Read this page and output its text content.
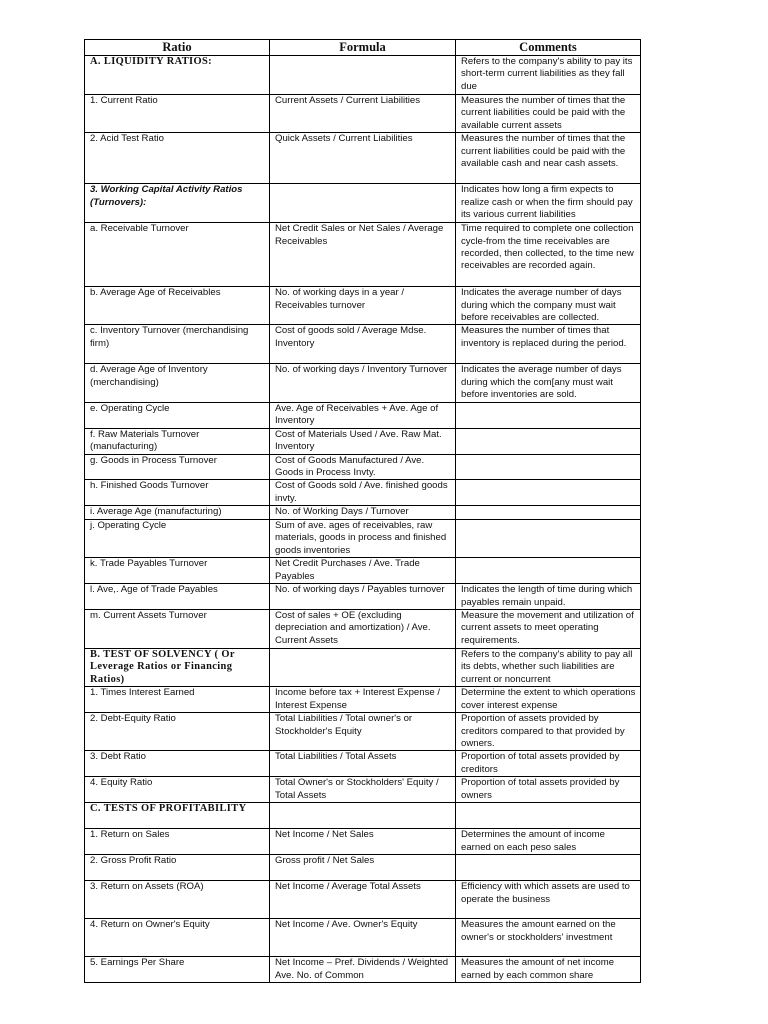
Ratio	Formula	Comments
A. LIQUIDITY RATIOS:		Refers to the company's ability to pay its short-term current liabilities as they fall due
1. Current Ratio	Current Assets / Current Liabilities	Measures the number of times that the current liabilities could be paid with the available current assets
2. Acid Test Ratio	Quick Assets / Current Liabilities	Measures the number of times that the current liabilities could be paid with the available cash and near cash assets.
3. Working Capital Activity Ratios (Turnovers):		Indicates how long a firm expects to realize cash or when the firm should pay its various current liabilities
a. Receivable Turnover	Net Credit Sales or Net Sales / Average Receivables	Time required to complete one collection cycle-from the time receivables are recorded, then collected, to the time new receivables are recorded again.
b. Average Age of Receivables	No. of working days in a year / Receivables turnover	Indicates the average number of days during which the company must wait before receivables are collected.
c. Inventory Turnover (merchandising firm)	Cost of goods sold / Average Mdse. Inventory	Measures the number of times that inventory is replaced during the period.
d. Average Age of Inventory (merchandising)	No. of working days / Inventory Turnover	Indicates the average number of days during which the com[any must wait before inventories are sold.
e. Operating Cycle	Ave. Age of Receivables + Ave. Age of Inventory	
f. Raw Materials Turnover (manufacturing)	Cost of Materials Used / Ave. Raw Mat. Inventory	
g. Goods in Process Turnover	Cost of Goods Manufactured / Ave. Goods in Process Invty.	
h. Finished Goods Turnover	Cost of Goods sold / Ave. finished goods invty.	
i. Average Age (manufacturing)	No. of Working Days / Turnover	
j. Operating Cycle	Sum of ave. ages of receivables, raw materials, goods in process and finished goods inventories	
k. Trade Payables Turnover	Net Credit Purchases / Ave. Trade Payables	
l. Ave,. Age of Trade Payables	No. of working days / Payables turnover	Indicates the length of time during which payables remain unpaid.
m. Current Assets Turnover	Cost of sales + OE (excluding depreciation and amortization) / Ave. Current Assets	Measure the movement and utilization of current assets to meet operating requirements.
B. TEST OF SOLVENCY ( Or Leverage Ratios or Financing Ratios)		Refers to the company's ability to pay all its debts, whether such liabilities are current or noncurrent
1. Times Interest Earned	Income before tax + Interest Expense / Interest Expense	Determine the extent to which operations cover interest expense
2. Debt-Equity Ratio	Total Liabilities / Total owner's or Stockholder's Equity	Proportion of assets provided by creditors compared to that provided by owners.
3. Debt Ratio	Total Liabilities / Total Assets	Proportion of total assets provided by creditors
4. Equity Ratio	Total Owner's or Stockholders' Equity / Total Assets	Proportion of total assets provided by owners
C. TESTS OF PROFITABILITY		
1. Return on Sales	Net Income / Net Sales	Determines the amount of income earned on each peso sales
2. Gross Profit Ratio	Gross profit / Net Sales	
3. Return on Assets (ROA)	Net Income / Average Total Assets	Efficiency with which assets are used to operate the business
4. Return on Owner's Equity	Net Income / Ave. Owner's Equity	Measures the amount earned on the owner's or stockholders' investment
5. Earnings Per Share	Net Income – Pref. Dividends / Weighted Ave. No. of Common	Measures the amount of net income earned by each common share
